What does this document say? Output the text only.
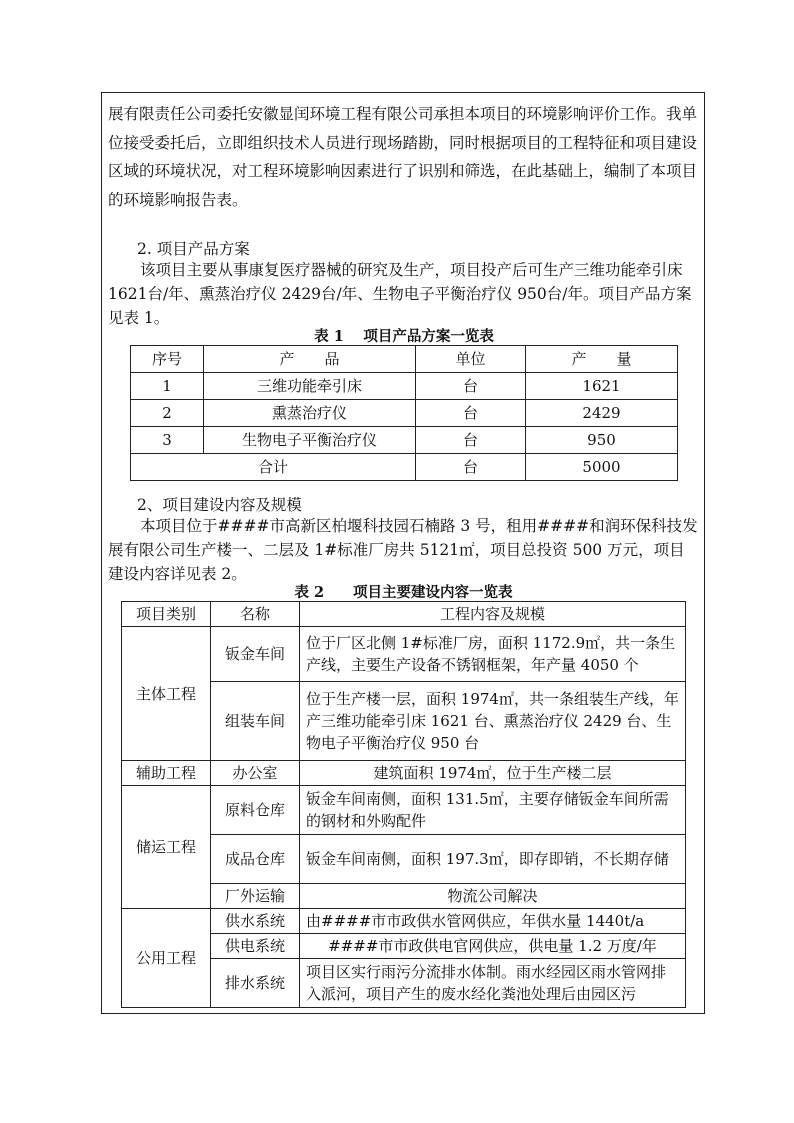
展有限责任公司委托安徽显闰环境工程有限公司承担本项目的环境影响评价工作。我单位接受委托后，立即组织技术人员进行现场踏勘，同时根据项目的工程特征和项目建设区域的环境状况，对工程环境影响因素进行了识别和筛选，在此基础上，编制了本项目的环境影响报告表。

2. 项目产品方案

该项目主要从事康复医疗器械的研究及生产，项目投产后可生产三维功能牵引床1621台/年、熏蒸治疗仪 2429台/年、生物电子平衡治疗仪 950台/年。项目产品方案见表 1。

表 1　 项目产品方案一览表

序号	产　　品	单位	产　　量
1	三维功能牵引床	台	1621
2	熏蒸治疗仪	台	2429
3	生物电子平衡治疗仪	台	950
合计		台	5000

2、项目建设内容及规模

本项目位于####市高新区柏堰科技园石楠路 3 号，租用####和润环保科技发展有限公司生产楼一、二层及 1#标准厂房共 5121㎡，项目总投资 500 万元，项目建设内容详见表 2。

表 2　　项目主要建设内容一览表

项目类别	名称	工程内容及规模
主体工程	钣金车间	位于厂区北侧 1#标准厂房，面积 1172.9㎡，共一条生产线，主要生产设备不锈钢框架，年产量 4050 个
	组装车间	位于生产楼一层，面积 1974㎡，共一条组装生产线，年产三维功能牵引床 1621 台、熏蒸治疗仪 2429 台、生物电子平衡治疗仪 950 台
辅助工程	办公室	建筑面积 1974㎡，位于生产楼二层
储运工程	原料仓库	钣金车间南侧，面积 131.5㎡，主要存储钣金车间所需的钢材和外购配件
	成品仓库	钣金车间南侧，面积 197.3㎡，即存即销，不长期存储
	厂外运输	物流公司解决
公用工程	供水系统	由####市市政供水管网供应，年供水量 1440t/a
	供电系统	####市市政供电官网供应，供电量 1.2 万度/年
	排水系统	项目区实行雨污分流排水体制。雨水经园区雨水管网排入派河，项目产生的废水经化粪池处理后由园区污
